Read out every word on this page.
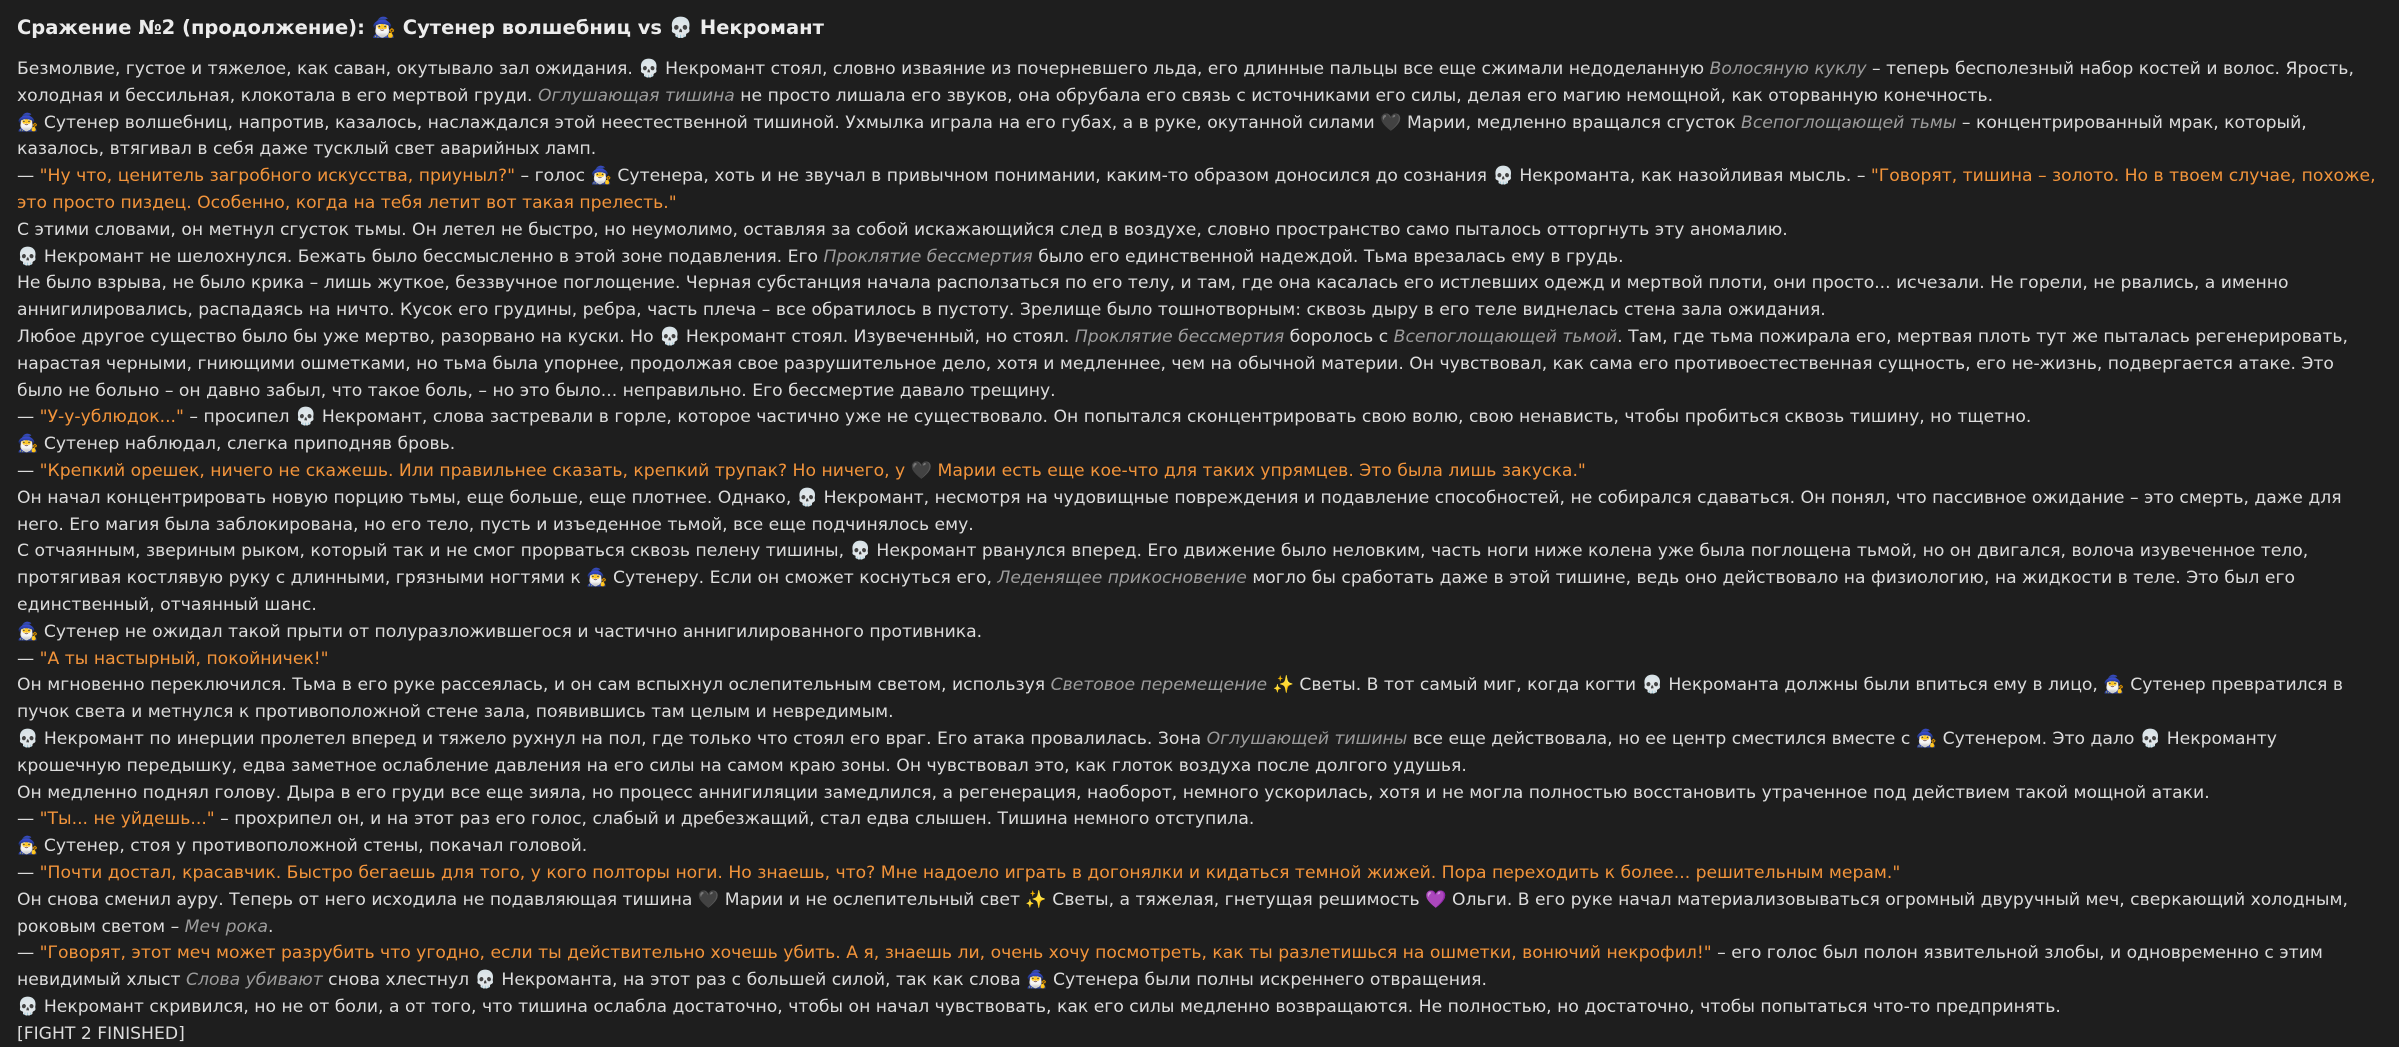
Сражение №2 (продолжение): 🧙‍♂️ Сутенер волшебниц vs 💀 Некромант
Безмолвие, густое и тяжелое, как саван, окутывало зал ожидания. 💀 Некромант стоял, словно изваяние из почерневшего льда, его длинные пальцы все еще сжимали недоделанную Волосяную куклу – теперь бесполезный набор костей и волос. Ярость, холодная и бессильная, клокотала в его мертвой груди. Оглушающая тишина не просто лишала его звуков, она обрубала его связь с источниками его силы, делая его магию немощной, как оторванную конечность.
🧙‍♂️ Сутенер волшебниц, напротив, казалось, наслаждался этой неестественной тишиной. Ухмылка играла на его губах, а в руке, окутанной силами 🖤 Марии, медленно вращался сгусток Всепоглощающей тьмы – концентрированный мрак, который, казалось, втягивал в себя даже тусклый свет аварийных ламп.
— "Ну что, ценитель загробного искусства, приуныл?" – голос 🧙‍♂️ Сутенера, хоть и не звучал в привычном понимании, каким-то образом доносился до сознания 💀 Некроманта, как назойливая мысль. – "Говорят, тишина – золото. Но в твоем случае, похоже, это просто пиздец. Особенно, когда на тебя летит вот такая прелесть."
С этими словами, он метнул сгусток тьмы. Он летел не быстро, но неумолимо, оставляя за собой искажающийся след в воздухе, словно пространство само пыталось отторгнуть эту аномалию.
💀 Некромант не шелохнулся. Бежать было бессмысленно в этой зоне подавления. Его Проклятие бессмертия было его единственной надеждой. Тьма врезалась ему в грудь.
Не было взрыва, не было крика – лишь жуткое, беззвучное поглощение. Черная субстанция начала расползаться по его телу, и там, где она касалась его истлевших одежд и мертвой плоти, они просто... исчезали. Не горели, не рвались, а именно аннигилировались, распадаясь на ничто. Кусок его грудины, ребра, часть плеча – все обратилось в пустоту. Зрелище было тошнотворным: сквозь дыру в его теле виднелась стена зала ожидания.
Любое другое существо было бы уже мертво, разорвано на куски. Но 💀 Некромант стоял. Изувеченный, но стоял. Проклятие бессмертия боролось с Всепоглощающей тьмой. Там, где тьма пожирала его, мертвая плоть тут же пыталась регенерировать, нарастая черными, гниющими ошметками, но тьма была упорнее, продолжая свое разрушительное дело, хотя и медленнее, чем на обычной материи. Он чувствовал, как сама его противоестественная сущность, его не-жизнь, подвергается атаке. Это было не больно – он давно забыл, что такое боль, – но это было... неправильно. Его бессмертие давало трещину.
— "У-у-ублюдок..." – просипел 💀 Некромант, слова застревали в горле, которое частично уже не существовало. Он попытался сконцентрировать свою волю, свою ненависть, чтобы пробиться сквозь тишину, но тщетно.
🧙‍♂️ Сутенер наблюдал, слегка приподняв бровь.
— "Крепкий орешек, ничего не скажешь. Или правильнее сказать, крепкий трупак? Но ничего, у 🖤 Марии есть еще кое-что для таких упрямцев. Это была лишь закуска."
Он начал концентрировать новую порцию тьмы, еще больше, еще плотнее. Однако, 💀 Некромант, несмотря на чудовищные повреждения и подавление способностей, не собирался сдаваться. Он понял, что пассивное ожидание – это смерть, даже для него. Его магия была заблокирована, но его тело, пусть и изъеденное тьмой, все еще подчинялось ему.
С отчаянным, звериным рыком, который так и не смог прорваться сквозь пелену тишины, 💀 Некромант рванулся вперед. Его движение было неловким, часть ноги ниже колена уже была поглощена тьмой, но он двигался, волоча изувеченное тело, протягивая костлявую руку с длинными, грязными ногтями к 🧙‍♂️ Сутенеру. Если он сможет коснуться его, Леденящее прикосновение могло бы сработать даже в этой тишине, ведь оно действовало на физиологию, на жидкости в теле. Это был его единственный, отчаянный шанс.
🧙‍♂️ Сутенер не ожидал такой прыти от полуразложившегося и частично аннигилированного противника.
— "А ты настырный, покойничек!"
Он мгновенно переключился. Тьма в его руке рассеялась, и он сам вспыхнул ослепительным светом, используя Световое перемещение ✨ Светы. В тот самый миг, когда когти 💀 Некроманта должны были впиться ему в лицо, 🧙‍♂️ Сутенер превратился в пучок света и метнулся к противоположной стене зала, появившись там целым и невредимым.
💀 Некромант по инерции пролетел вперед и тяжело рухнул на пол, где только что стоял его враг. Его атака провалилась. Зона Оглушающей тишины все еще действовала, но ее центр сместился вместе с 🧙‍♂️ Сутенером. Это дало 💀 Некроманту крошечную передышку, едва заметное ослабление давления на его силы на самом краю зоны. Он чувствовал это, как глоток воздуха после долгого удушья.
Он медленно поднял голову. Дыра в его груди все еще зияла, но процесс аннигиляции замедлился, а регенерация, наоборот, немного ускорилась, хотя и не могла полностью восстановить утраченное под действием такой мощной атаки.
— "Ты... не уйдешь..." – прохрипел он, и на этот раз его голос, слабый и дребезжащий, стал едва слышен. Тишина немного отступила.
🧙‍♂️ Сутенер, стоя у противоположной стены, покачал головой.
— "Почти достал, красавчик. Быстро бегаешь для того, у кого полторы ноги. Но знаешь, что? Мне надоело играть в догонялки и кидаться темной жижей. Пора переходить к более... решительным мерам."
Он снова сменил ауру. Теперь от него исходила не подавляющая тишина 🖤 Марии и не ослепительный свет ✨ Светы, а тяжелая, гнетущая решимость 💜 Ольги. В его руке начал материализовываться огромный двуручный меч, сверкающий холодным, роковым светом – Меч рока.
— "Говорят, этот меч может разрубить что угодно, если ты действительно хочешь убить. А я, знаешь ли, очень хочу посмотреть, как ты разлетишься на ошметки, вонючий некрофил!" – его голос был полон язвительной злобы, и одновременно с этим невидимый хлыст Слова убивают снова хлестнул 💀 Некроманта, на этот раз с большей силой, так как слова 🧙‍♂️ Сутенера были полны искреннего отвращения.
💀 Некромант скривился, но не от боли, а от того, что тишина ослабла достаточно, чтобы он начал чувствовать, как его силы медленно возвращаются. Не полностью, но достаточно, чтобы попытаться что-то предпринять.
[FIGHT 2 FINISHED]
